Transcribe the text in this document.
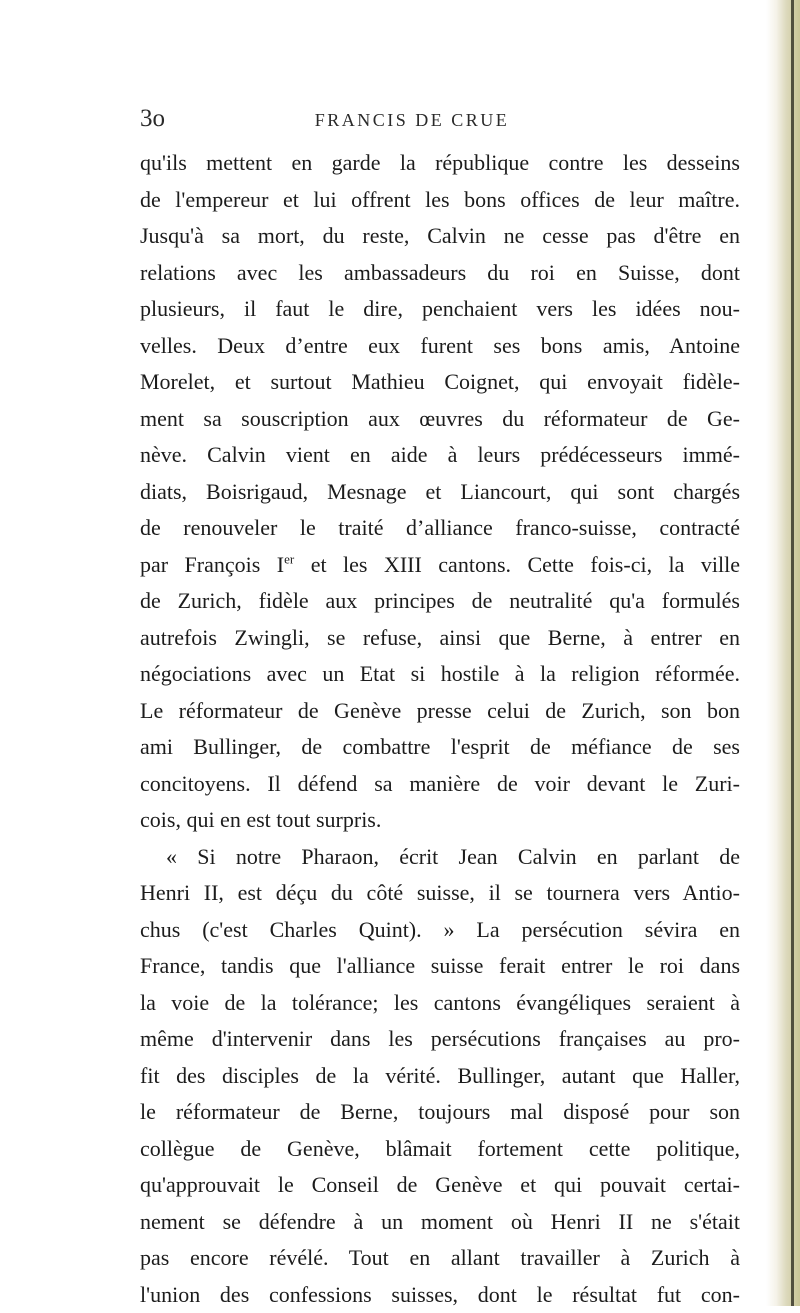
3o	FRANCIS DE CRUE
qu'ils mettent en garde la république contre les desseins
de l'empereur et lui offrent les bons offices de leur maître.
Jusqu'à sa mort, du reste, Calvin ne cesse pas d'être en
relations avec les ambassadeurs du roi en Suisse, dont
plusieurs, il faut le dire, penchaient vers les idées nou-
velles. Deux d’entre eux furent ses bons amis, Antoine
Morelet, et surtout Mathieu Coignet, qui envoyait fidèle-
ment sa souscription aux œuvres du réformateur de Ge-
nève. Calvin vient en aide à leurs prédécesseurs immé-
diats, Boisrigaud, Mesnage et Liancourt, qui sont chargés
de renouveler le traité d’alliance franco-suisse, contracté
par François Ier et les XIII cantons. Cette fois-ci, la ville
de Zurich, fidèle aux principes de neutralité qu'a formulés
autrefois Zwingli, se refuse, ainsi que Berne, à entrer en
négociations avec un Etat si hostile à la religion réformée.
Le réformateur de Genève presse celui de Zurich, son bon
ami Bullinger, de combattre l'esprit de méfiance de ses
concitoyens. Il défend sa manière de voir devant le Zuri-
cois, qui en est tout surpris.
« Si notre Pharaon, écrit Jean Calvin en parlant de
Henri II, est déçu du côté suisse, il se tournera vers Antio-
chus (c'est Charles Quint). » La persécution sévira en
France, tandis que l'alliance suisse ferait entrer le roi dans
la voie de la tolérance; les cantons évangéliques seraient à
même d'intervenir dans les persécutions françaises au pro-
fit des disciples de la vérité. Bullinger, autant que Haller,
le réformateur de Berne, toujours mal disposé pour son
collègue de Genève, blâmait fortement cette politique,
qu'approuvait le Conseil de Genève et qui pouvait certai-
nement se défendre à un moment où Henri II ne s'était
pas encore révélé. Tout en allant travailler à Zurich à
l'union des confessions suisses, dont le résultat fut con-
